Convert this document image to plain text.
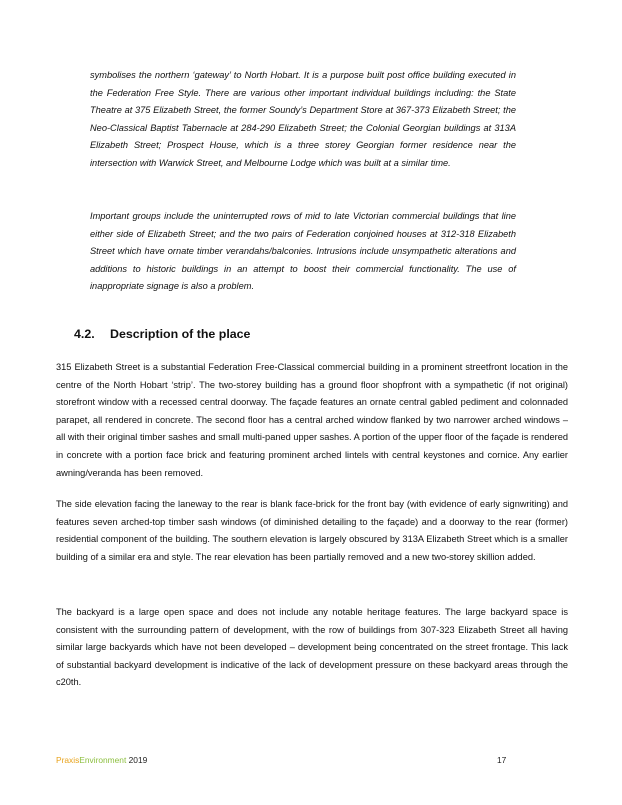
symbolises the northern ‘gateway’ to North Hobart. It is a purpose built post office building executed in the Federation Free Style. There are various other important individual buildings including: the State Theatre at 375 Elizabeth Street, the former Soundy’s Department Store at 367-373 Elizabeth Street; the Neo-Classical Baptist Tabernacle at 284-290 Elizabeth Street; the Colonial Georgian buildings at 313A Elizabeth Street; Prospect House, which is a three storey Georgian former residence near the intersection with Warwick Street, and Melbourne Lodge which was built at a similar time.

Important groups include the uninterrupted rows of mid to late Victorian commercial buildings that line either side of Elizabeth Street; and the two pairs of Federation conjoined houses at 312-318 Elizabeth Street which have ornate timber verandahs/balconies. Intrusions include unsympathetic alterations and additions to historic buildings in an attempt to boost their commercial functionality. The use of inappropriate signage is also a problem.

4.2. Description of the place

315 Elizabeth Street is a substantial Federation Free-Classical commercial building in a prominent streetfront location in the centre of the North Hobart ‘strip’. The two-storey building has a ground floor shopfront with a sympathetic (if not original) storefront window with a recessed central doorway. The façade features an ornate central gabled pediment and colonnaded parapet, all rendered in concrete. The second floor has a central arched window flanked by two narrower arched windows – all with their original timber sashes and small multi-paned upper sashes. A portion of the upper floor of the façade is rendered in concrete with a portion face brick and featuring prominent arched lintels with central keystones and cornice. Any earlier awning/veranda has been removed.

The side elevation facing the laneway to the rear is blank face-brick for the front bay (with evidence of early signwriting) and features seven arched-top timber sash windows (of diminished detailing to the façade) and a doorway to the rear (former) residential component of the building. The southern elevation is largely obscured by 313A Elizabeth Street which is a smaller building of a similar era and style. The rear elevation has been partially removed and a new two-storey skillion added.

The backyard is a large open space and does not include any notable heritage features. The large backyard space is consistent with the surrounding pattern of development, with the row of buildings from 307-323 Elizabeth Street all having similar large backyards which have not been developed – development being concentrated on the street frontage. This lack of substantial backyard development is indicative of the lack of development pressure on these backyard areas through the c20th.

PraxisEnvironment 2019	17
